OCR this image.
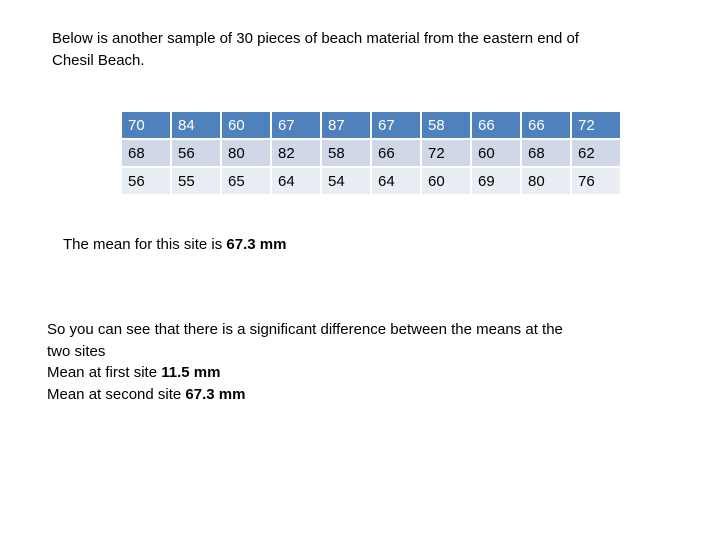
Below is another sample of 30 pieces of beach material from the eastern end of
Chesil Beach.
70	84	60	67	87	67	58	66	66	72
68	56	80	82	58	66	72	60	68	62
56	55	65	64	54	64	60	69	80	76
The mean for this site is 67.3 mm
So you can see that there is a significant difference between the means at the
two sites
Mean at first site 11.5 mm
Mean at second site 67.3 mm
